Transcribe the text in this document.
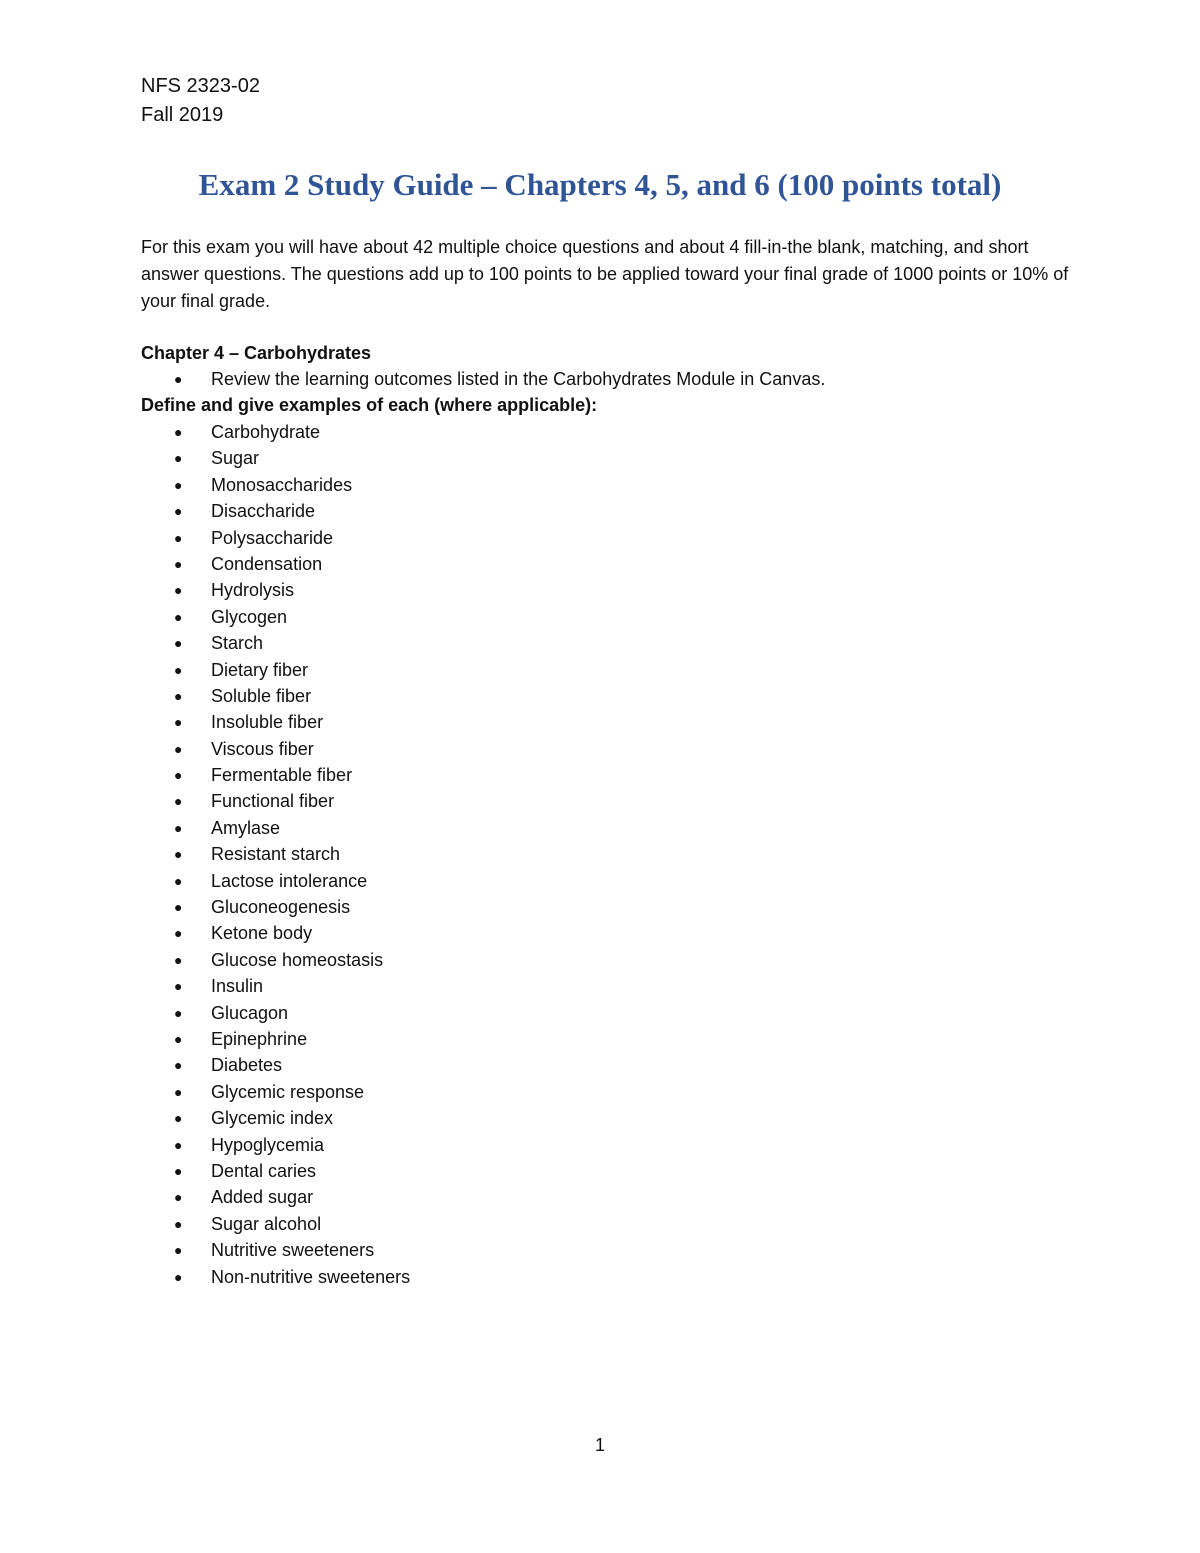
NFS 2323-02
Fall 2019
Exam 2 Study Guide – Chapters 4, 5, and 6 (100 points total)
For this exam you will have about 42 multiple choice questions and about 4 fill-in-the blank, matching, and short answer questions. The questions add up to 100 points to be applied toward your final grade of 1000 points or 10% of your final grade.
Chapter 4 – Carbohydrates
● Review the learning outcomes listed in the Carbohydrates Module in Canvas.
Define and give examples of each (where applicable):
● Carbohydrate
● Sugar
● Monosaccharides
● Disaccharide
● Polysaccharide
● Condensation
● Hydrolysis
● Glycogen
● Starch
● Dietary fiber
● Soluble fiber
● Insoluble fiber
● Viscous fiber
● Fermentable fiber
● Functional fiber
● Amylase
● Resistant starch
● Lactose intolerance
● Gluconeogenesis
● Ketone body
● Glucose homeostasis
● Insulin
● Glucagon
● Epinephrine
● Diabetes
● Glycemic response
● Glycemic index
● Hypoglycemia
● Dental caries
● Added sugar
● Sugar alcohol
● Nutritive sweeteners
● Non-nutritive sweeteners
1
